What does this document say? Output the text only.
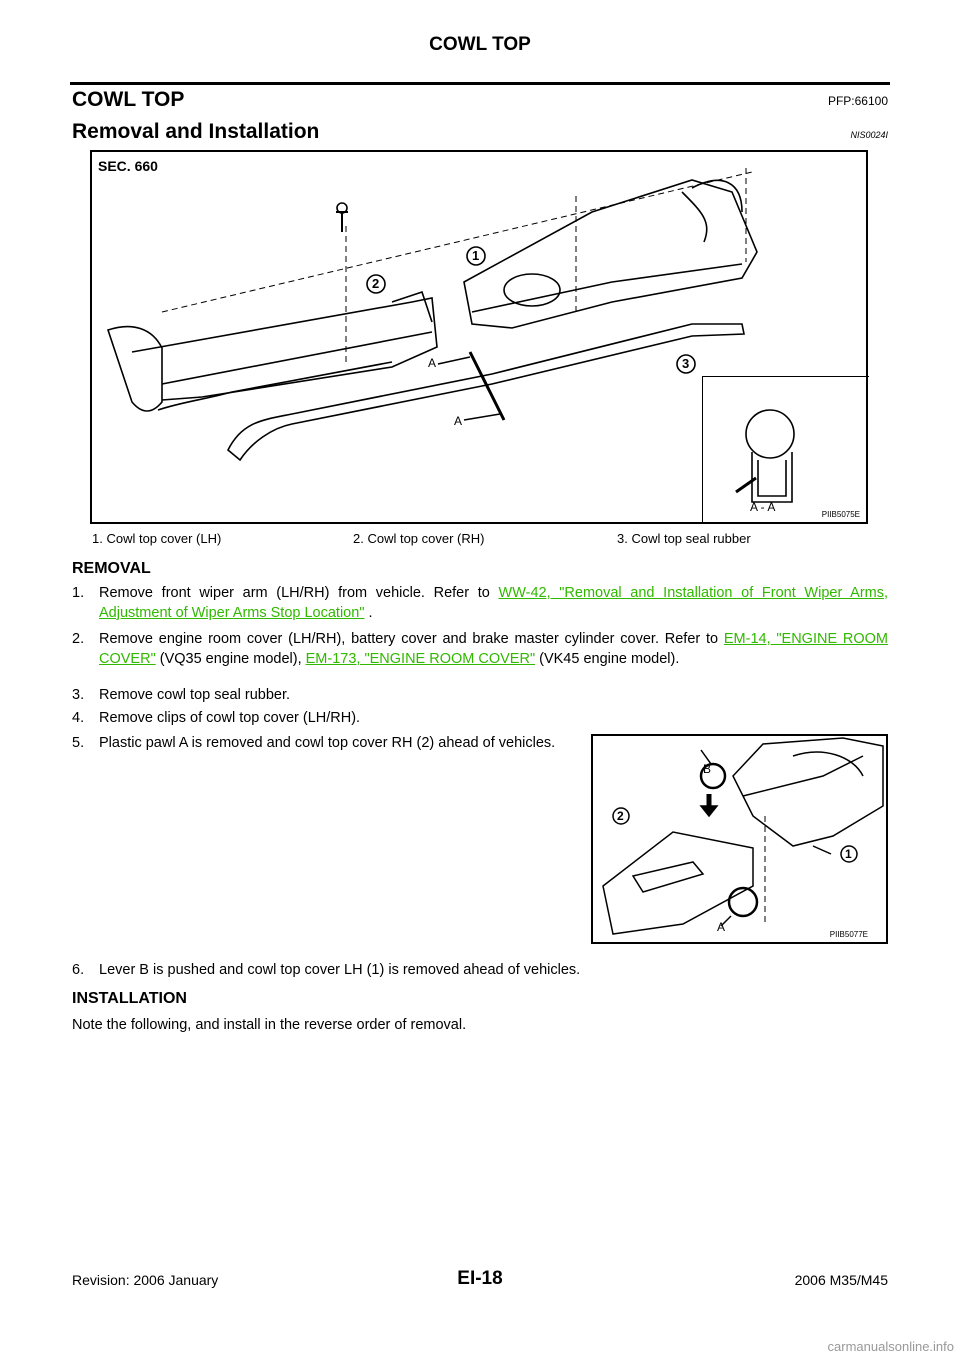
COWL TOP
COWL TOP	PFP:66100
Removal and Installation	NIS0024I
SEC. 660
1
2
3
A
A
A - A
PIIB5075E
1. Cowl top cover (LH)	2. Cowl top cover (RH)	3. Cowl top seal rubber
REMOVAL
1. Remove front wiper arm (LH/RH) from vehicle. Refer to WW-42, "Removal and Installation of Front Wiper Arms, Adjustment of Wiper Arms Stop Location" .
2. Remove engine room cover (LH/RH), battery cover and brake master cylinder cover. Refer to EM-14, "ENGINE ROOM COVER" (VQ35 engine model), EM-173, "ENGINE ROOM COVER" (VK45 engine model).
3. Remove cowl top seal rubber.
4. Remove clips of cowl top cover (LH/RH).
5. Plastic pawl A is removed and cowl top cover RH (2) ahead of vehicles.
B
2
1
A
PIIB5077E
6. Lever B is pushed and cowl top cover LH (1) is removed ahead of vehicles.
INSTALLATION
Note the following, and install in the reverse order of removal.
Revision: 2006 January	EI-18	2006 M35/M45
carmanualsonline.info
